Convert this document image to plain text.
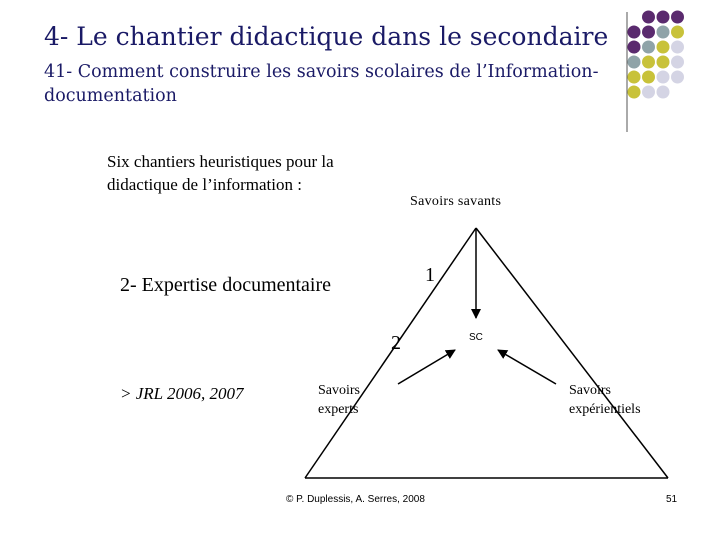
4- Le chantier didactique dans le secondaire
41- Comment construire les savoirs scolaires de l’Information-documentation
Six chantiers heuristiques pour la didactique de l’information :
2- Expertise documentaire
> JRL 2006, 2007
Savoirs savants
Savoirs experts
Savoirs expérientiels
1
2	SC
© P. Duplessis, A. Serres, 2008	51
